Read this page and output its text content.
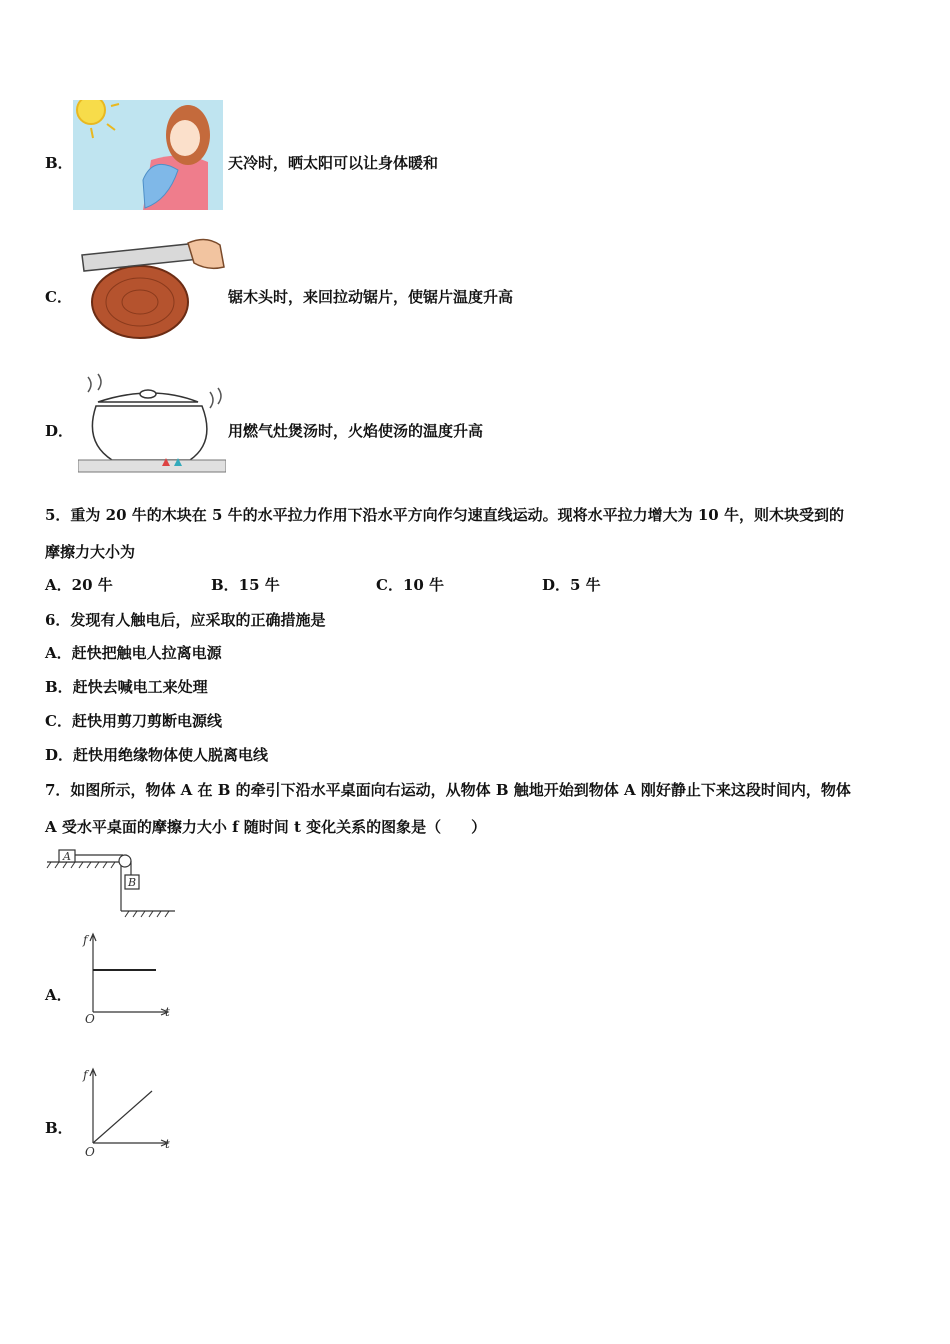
B．	天冷时，晒太阳可以让身体暖和
C．	锯木头时，来回拉动锯片，使锯片温度升高
D．	用燃气灶煲汤时，火焰使汤的温度升高
5．重为 20 牛的木块在 5 牛的水平拉力作用下沿水平方向作匀速直线运动。现将水平拉力增大为 10 牛，则木块受到的
摩擦力大小为
A．20 牛	B．15 牛	C．10 牛	D．5 牛
6．发现有人触电后，应采取的正确措施是
A．赶快把触电人拉离电源
B．赶快去喊电工来处理
C．赶快用剪刀剪断电源线
D．赶快用绝缘物体使人脱离电线
7．如图所示，物体 A 在 B 的牵引下沿水平桌面向右运动，从物体 B 触地开始到物体 A 刚好静止下来这段时间内，物体
A 受水平桌面的摩擦力大小 f 随时间 t 变化关系的图象是（　　）
A
B
A．
f
t
O
B．
f
t
O
